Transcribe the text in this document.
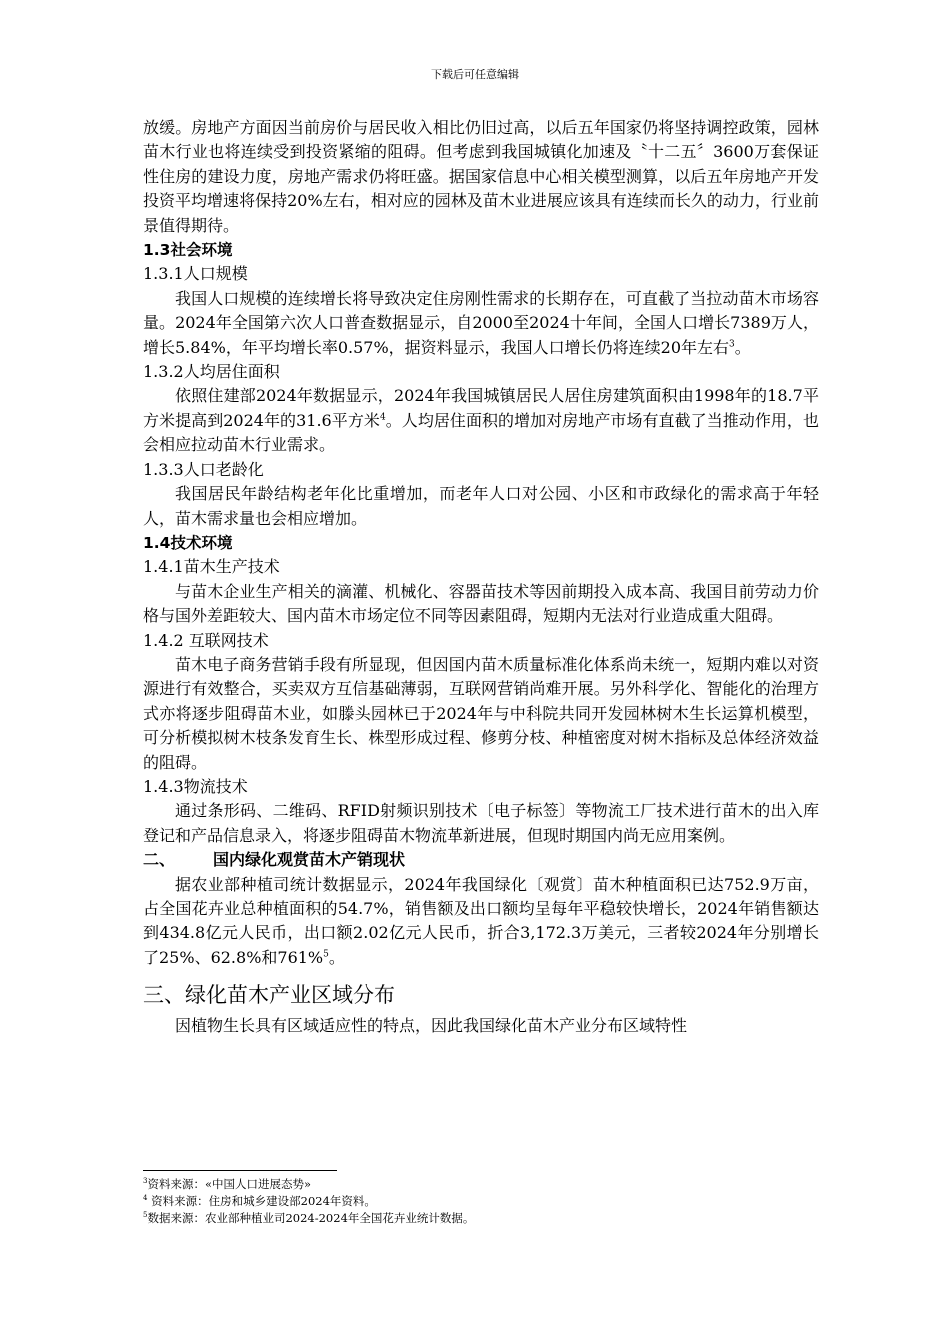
下载后可任意编辑

放缓。房地产方面因当前房价与居民收入相比仍旧过高，以后五年国家仍将坚持调控政策，园林苗木行业也将连续受到投资紧缩的阻碍。但考虑到我国城镇化加速及〝十二五〞3600万套保证性住房的建设力度，房地产需求仍将旺盛。据国家信息中心相关模型测算，以后五年房地产开发投资平均增速将保持20%左右，相对应的园林及苗木业进展应该具有连续而长久的动力，行业前景值得期待。

1.3社会环境

1.3.1人口规模

我国人口规模的连续增长将导致决定住房刚性需求的长期存在，可直截了当拉动苗木市场容量。2024年全国第六次人口普查数据显示，自2000至2024十年间，全国人口增长7389万人，增长5.84%，年平均增长率0.57%，据资料显示，我国人口增长仍将连续20年左右$^3$。

1.3.2人均居住面积

依照住建部2024年数据显示，2024年我国城镇居民人居住房建筑面积由1998年的18.7平方米提高到2024年的31.6平方米$^4$。人均居住面积的增加对房地产市场有直截了当推动作用，也会相应拉动苗木行业需求。

1.3.3人口老龄化

我国居民年龄结构老年化比重增加，而老年人口对公园、小区和市政绿化的需求高于年轻人，苗木需求量也会相应增加。

1.4技术环境

1.4.1苗木生产技术

与苗木企业生产相关的滴灌、机械化、容器苗技术等因前期投入成本高、我国目前劳动力价格与国外差距较大、国内苗木市场定位不同等因素阻碍，短期内无法对行业造成重大阻碍。

1.4.2 互联网技术

苗木电子商务营销手段有所显现，但因国内苗木质量标准化体系尚未统一，短期内难以对资源进行有效整合，买卖双方互信基础薄弱，互联网营销尚难开展。另外科学化、智能化的治理方式亦将逐步阻碍苗木业，如滕头园林已于2024年与中科院共同开发园林树木生长运算机模型，可分析模拟树木枝条发育生长、株型形成过程、修剪分枝、种植密度对树木指标及总体经济效益的阻碍。

1.4.3物流技术

通过条形码、二维码、RFID射频识别技术〔电子标签〕等物流工厂技术进行苗木的出入库登记和产品信息录入，将逐步阻碍苗木物流革新进展，但现时期国内尚无应用案例。

二、 国内绿化观赏苗木产销现状

据农业部种植司统计数据显示，2024年我国绿化〔观赏〕苗木种植面积已达752.9万亩，占全国花卉业总种植面积的54.7%，销售额及出口额均呈每年平稳较快增长，2024年销售额达到434.8亿元人民币，出口额2.02亿元人民币，折合3,172.3万美元，三者较2024年分别增长了25%、62.8%和761%$^5$。

三、绿化苗木产业区域分布

因植物生长具有区域适应性的特点，因此我国绿化苗木产业分布区域特性

$^3$资料来源：«中国人口进展态势»
$^4$ 资料来源：住房和城乡建设部2024年资料。
$^5$数据来源：农业部种植业司2024-2024年全国花卉业统计数据。
